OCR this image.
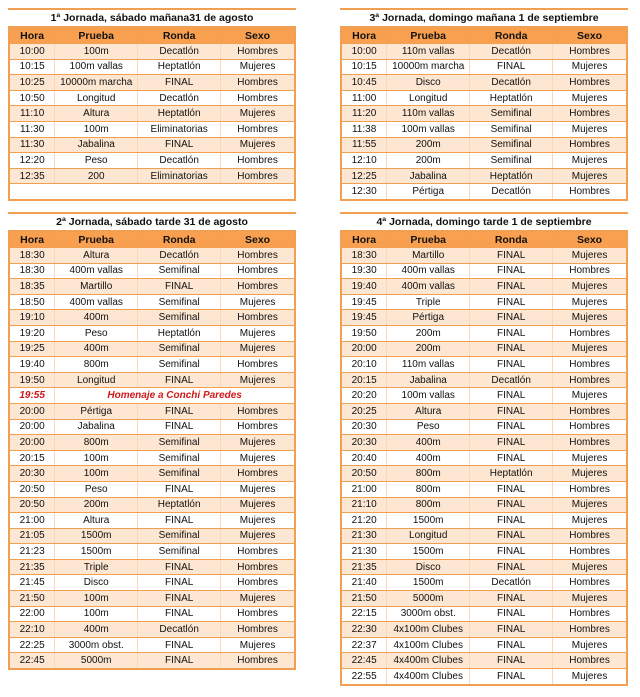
1ª Jornada, sábado mañana31 de agosto
Hora	Prueba	Ronda	Sexo
10:00	100m	Decatlón	Hombres
10:15	100m vallas	Heptatlón	Mujeres
10:25	10000m marcha	FINAL	Hombres
10:50	Longitud	Decatlón	Hombres
11:10	Altura	Heptatlón	Mujeres
11:30	100m	Eliminatorias	Hombres
11:30	Jabalina	FINAL	Mujeres
12:20	Peso	Decatlón	Hombres
12:35	200	Eliminatorias	Hombres

2ª Jornada, sábado tarde 31 de agosto
Hora	Prueba	Ronda	Sexo
18:30	Altura	Decatlón	Hombres
18:30	400m vallas	Semifinal	Hombres
18:35	Martillo	FINAL	Hombres
18:50	400m vallas	Semifinal	Mujeres
19:10	400m	Semifinal	Hombres
19:20	Peso	Heptatlón	Mujeres
19:25	400m	Semifinal	Mujeres
19:40	800m	Semifinal	Hombres
19:50	Longitud	FINAL	Mujeres
19:55	Homenaje a Conchi Paredes		
20:00	Pértiga	FINAL	Hombres
20:00	Jabalina	FINAL	Hombres
20:00	800m	Semifinal	Mujeres
20:15	100m	Semifinal	Mujeres
20:30	100m	Semifinal	Hombres
20:50	Peso	FINAL	Mujeres
20:50	200m	Heptatlón	Mujeres
21:00	Altura	FINAL	Mujeres
21:05	1500m	Semifinal	Mujeres
21:23	1500m	Semifinal	Hombres
21:35	Triple	FINAL	Hombres
21:45	Disco	FINAL	Hombres
21:50	100m	FINAL	Mujeres
22:00	100m	FINAL	Hombres
22:10	400m	Decatlón	Hombres
22:25	3000m obst.	FINAL	Mujeres
22:45	5000m	FINAL	Hombres
3ª Jornada, domingo mañana 1 de septiembre
Hora	Prueba	Ronda	Sexo
10:00	110m vallas	Decatlón	Hombres
10:15	10000m marcha	FINAL	Mujeres
10:45	Disco	Decatlón	Hombres
11:00	Longitud	Heptatlón	Mujeres
11:20	110m vallas	Semifinal	Hombres
11:38	100m vallas	Semifinal	Mujeres
11:55	200m	Semifinal	Hombres
12:10	200m	Semifinal	Mujeres
12:25	Jabalina	Heptatlón	Mujeres
12:30	Pértiga	Decatlón	Hombres
4ª Jornada, domingo tarde 1 de septiembre
Hora	Prueba	Ronda	Sexo
18:30	Martillo	FINAL	Mujeres
19:30	400m vallas	FINAL	Hombres
19:40	400m vallas	FINAL	Mujeres
19:45	Triple	FINAL	Mujeres
19:45	Pértiga	FINAL	Mujeres
19:50	200m	FINAL	Hombres
20:00	200m	FINAL	Mujeres
20:10	110m vallas	FINAL	Hombres
20:15	Jabalina	Decatlón	Hombres
20:20	100m vallas	FINAL	Mujeres
20:25	Altura	FINAL	Hombres
20:30	Peso	FINAL	Hombres
20:30	400m	FINAL	Hombres
20:40	400m	FINAL	Mujeres
20:50	800m	Heptatlón	Mujeres
21:00	800m	FINAL	Hombres
21:10	800m	FINAL	Mujeres
21:20	1500m	FINAL	Mujeres
21:30	Longitud	FINAL	Hombres
21:30	1500m	FINAL	Hombres
21:35	Disco	FINAL	Mujeres
21:40	1500m	Decatlón	Hombres
21:50	5000m	FINAL	Mujeres
22:15	3000m obst.	FINAL	Hombres
22:30	4x100m Clubes	FINAL	Hombres
22:37	4x100m Clubes	FINAL	Mujeres
22:45	4x400m Clubes	FINAL	Hombres
22:55	4x400m Clubes	FINAL	Mujeres
